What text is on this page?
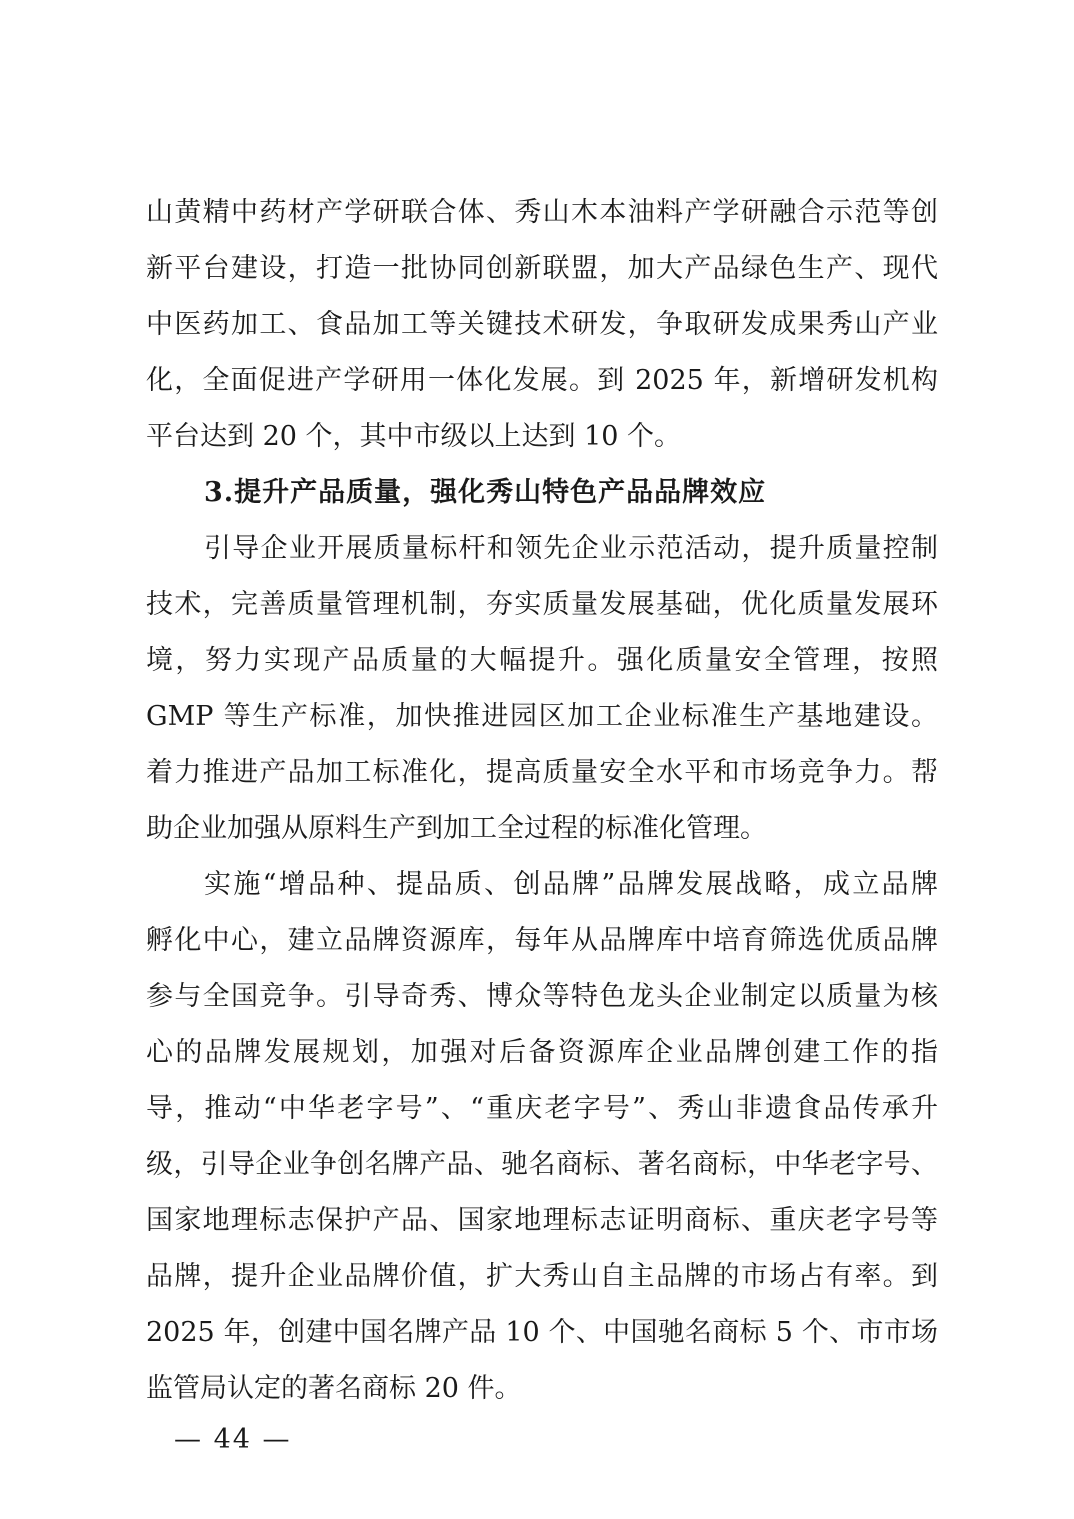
山黄精中药材产学研联合体、秀山木本油料产学研融合示范等创
新平台建设，打造一批协同创新联盟，加大产品绿色生产、现代
中医药加工、食品加工等关键技术研发，争取研发成果秀山产业
化，全面促进产学研用一体化发展。到 2025 年，新增研发机构
平台达到 20 个，其中市级以上达到 10 个。
3.提升产品质量，强化秀山特色产品品牌效应
引导企业开展质量标杆和领先企业示范活动，提升质量控制
技术，完善质量管理机制，夯实质量发展基础，优化质量发展环
境，努力实现产品质量的大幅提升。强化质量安全管理，按照
GMP 等生产标准，加快推进园区加工企业标准生产基地建设。
着力推进产品加工标准化，提高质量安全水平和市场竞争力。帮
助企业加强从原料生产到加工全过程的标准化管理。
实施“增品种、提品质、创品牌”品牌发展战略，成立品牌
孵化中心，建立品牌资源库，每年从品牌库中培育筛选优质品牌
参与全国竞争。引导奇秀、博众等特色龙头企业制定以质量为核
心的品牌发展规划，加强对后备资源库企业品牌创建工作的指
导，推动“中华老字号”、“重庆老字号”、秀山非遗食品传承升
级，引导企业争创名牌产品、驰名商标、著名商标，中华老字号、
国家地理标志保护产品、国家地理标志证明商标、重庆老字号等
品牌，提升企业品牌价值，扩大秀山自主品牌的市场占有率。到
2025 年，创建中国名牌产品 10 个、中国驰名商标 5 个、市市场
监管局认定的著名商标 20 件。
— 44 —
